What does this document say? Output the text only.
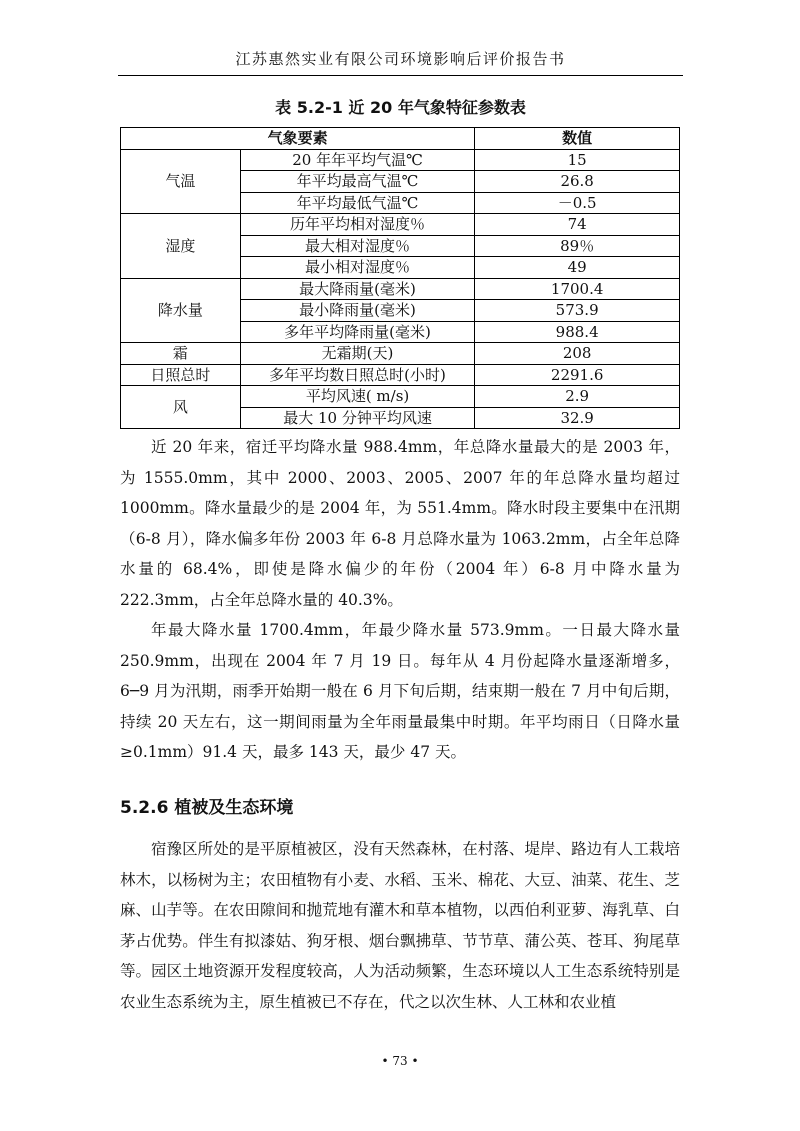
江苏惠然实业有限公司环境影响后评价报告书
表 5.2-1 近 20 年气象特征参数表
气象要素		数值
气温	20 年年平均气温℃	15
	年平均最高气温℃	26.8
	年平均最低气温℃	－0.5
湿度	历年平均相对湿度％	74
	最大相对湿度％	89％
	最小相对湿度％	49
降水量	最大降雨量(毫米)	1700.4
	最小降雨量(毫米)	573.9
	多年平均降雨量(毫米)	988.4
霜	无霜期(天)	208
日照总时	多年平均数日照总时(小时)	2291.6
风	平均风速( m/s)	2.9
	最大 10 分钟平均风速	32.9

近 20 年来，宿迁平均降水量 988.4mm，年总降水量最大的是 2003 年，为 1555.0mm，其中 2000、2003、2005、2007 年的年总降水量均超过 1000mm。降水量最少的是 2004 年，为 551.4mm。降水时段主要集中在汛期（6-8 月），降水偏多年份 2003 年 6-8 月总降水量为 1063.2mm，占全年总降水量的 68.4%，即使是降水偏少的年份（2004 年）6-8 月中降水量为 222.3mm，占全年总降水量的 40.3%。

年最大降水量 1700.4mm，年最少降水量 573.9mm。一日最大降水量 250.9mm，出现在 2004 年 7 月 19 日。每年从 4 月份起降水量逐渐增多，6─9 月为汛期，雨季开始期一般在 6 月下旬后期，结束期一般在 7 月中旬后期，持续 20 天左右，这一期间雨量为全年雨量最集中时期。年平均雨日（日降水量≥0.1mm）91.4 天，最多 143 天，最少 47 天。

5.2.6 植被及生态环境

宿豫区所处的是平原植被区，没有天然森林，在村落、堤岸、路边有人工栽培林木，以杨树为主；农田植物有小麦、水稻、玉米、棉花、大豆、油菜、花生、芝麻、山芋等。在农田隙间和抛荒地有灌木和草本植物，以西伯利亚萝、海乳草、白茅占优势。伴生有拟漆姑、狗牙根、烟台飘拂草、节节草、蒲公英、苍耳、狗尾草等。园区土地资源开发程度较高，人为活动频繁，生态环境以人工生态系统特别是农业生态系统为主，原生植被已不存在，代之以次生林、人工林和农业植

• 73 •
